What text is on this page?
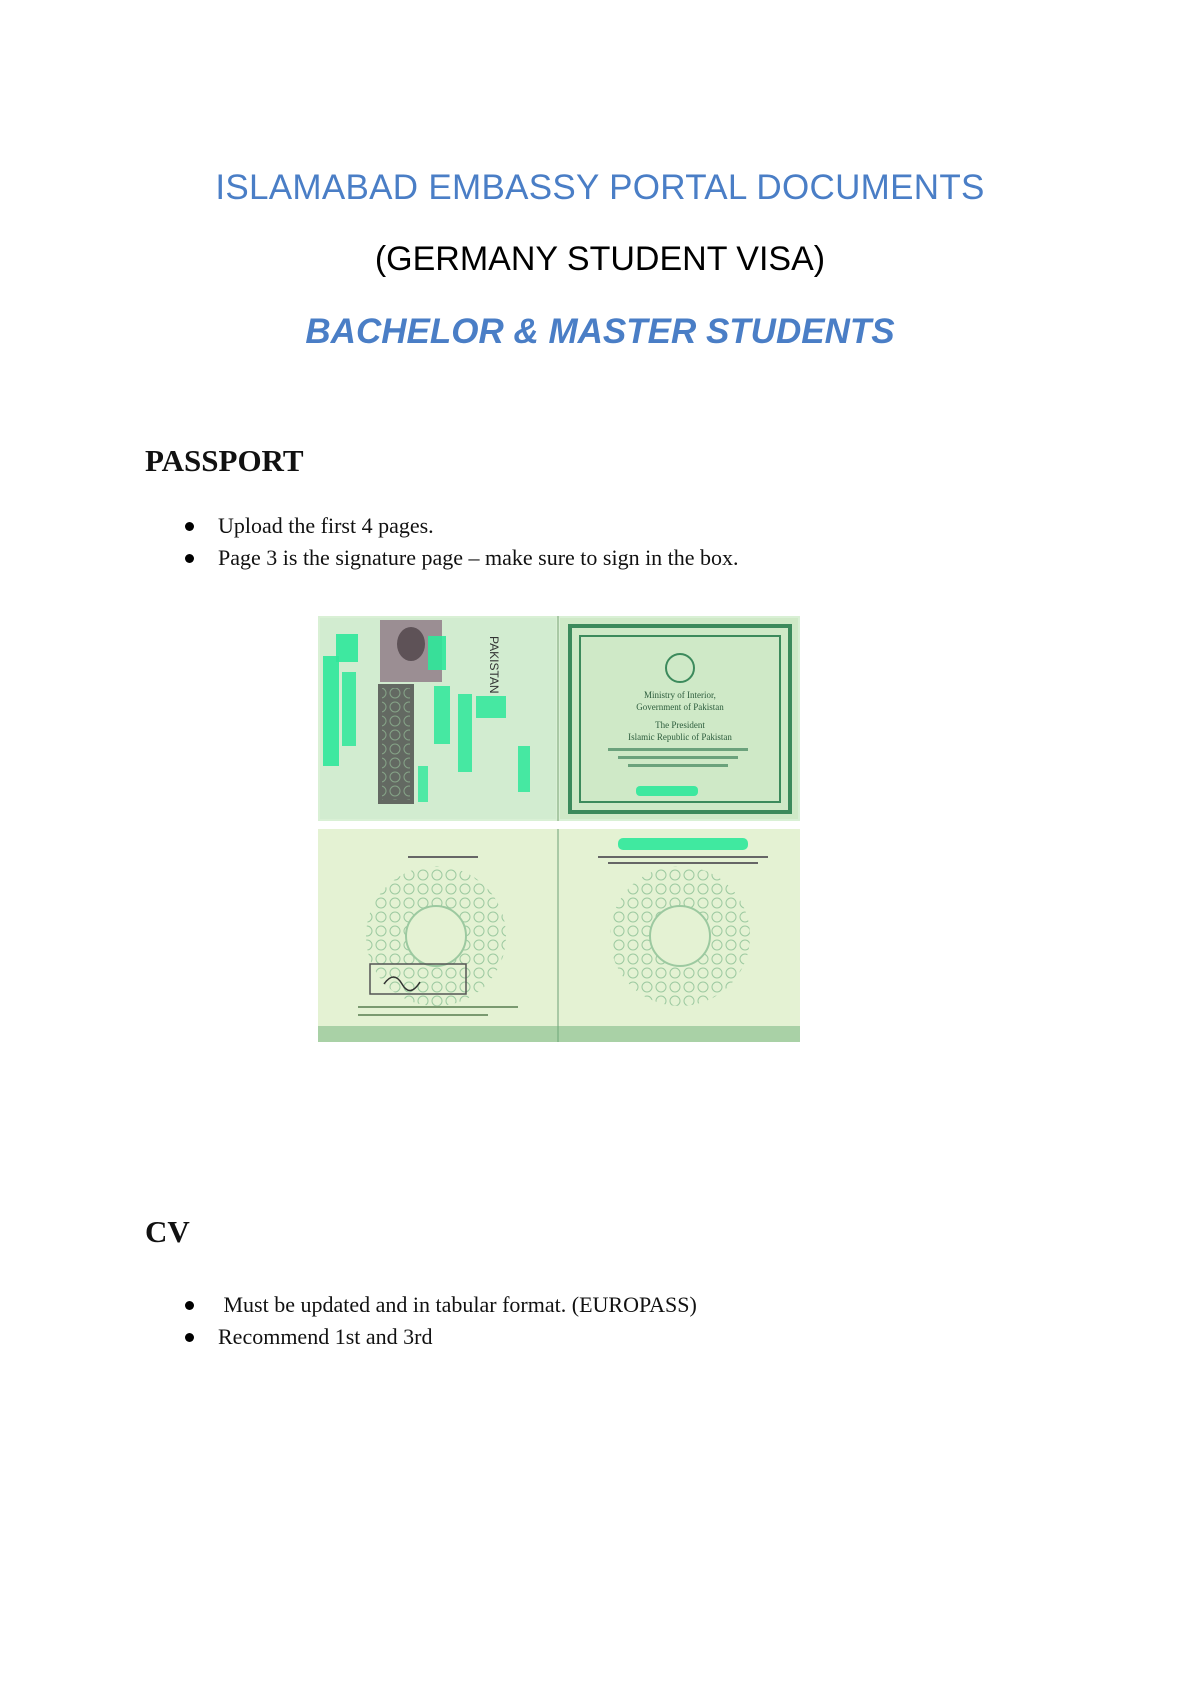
ISLAMABAD EMBASSY PORTAL DOCUMENTS
(GERMANY STUDENT VISA)
BACHELOR & MASTER STUDENTS
PASSPORT
Upload the first 4 pages.
Page 3 is the signature page – make sure to sign in the box.
PAKISTAN
Ministry of Interior,
Government of Pakistan
The President
Islamic Republic of Pakistan
CV
Must be updated and in tabular format. (EUROPASS)
Recommend 1st and 3rd
